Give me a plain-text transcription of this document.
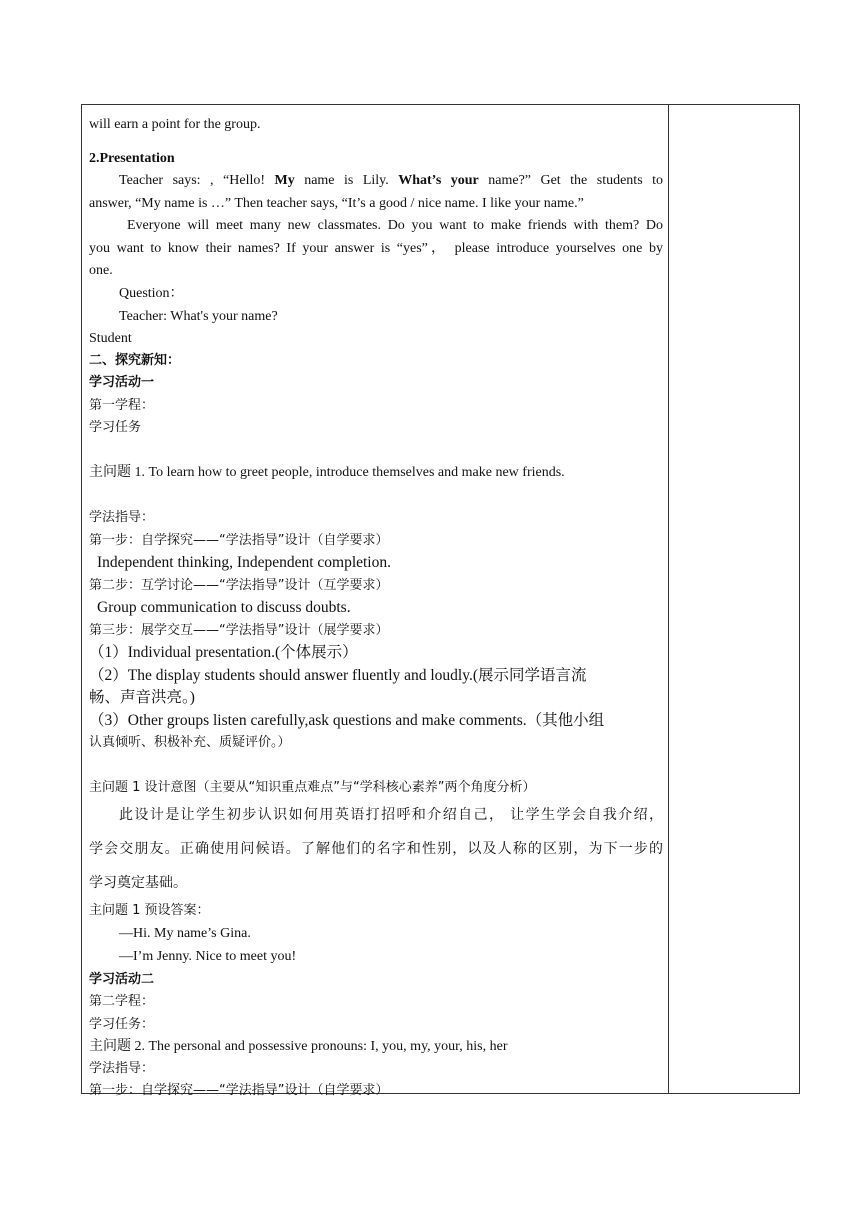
will earn a point for the group.
2.Presentation
Teacher says: , “Hello! My name is Lily. What’s your name?” Get the students to
answer, “My name is …” Then teacher says, “It’s a good / nice name. I like your name.”
Everyone will meet many new classmates. Do you want to make friends with them? Do
you want to know their names? If your answer is “yes”， please introduce yourselves one by
one.
Question：
Teacher: What's your name?
Student
二、探究新知：
学习活动一
第一学程：
学习任务
主问题 1. To learn how to greet people, introduce themselves and make new friends.
学法指导：
第一步：自学探究——“学法指导”设计（自学要求）
Independent thinking, Independent completion.
第二步：互学讨论——“学法指导”设计（互学要求）
Group communication to discuss doubts.
第三步：展学交互——“学法指导”设计（展学要求）
（1）Individual presentation.(个体展示）
（2）The display students should answer fluently and loudly.(展示同学语言流
畅、声音洪亮。)
（3）Other groups listen carefully,ask questions and make comments.（其他小组
认真倾听、积极补充、质疑评价。）
主问题 1 设计意图（主要从“知识重点难点”与“学科核心素养”两个角度分析）
此设计是让学生初步认识如何用英语打招呼和介绍自己， 让学生学会自我介绍，
学会交朋友。正确使用问候语。了解他们的名字和性别，以及人称的区别，为下一步的
学习奠定基础。
主问题 1 预设答案：
—Hi. My name’s Gina.
—I’m Jenny. Nice to meet you!
学习活动二
第二学程：
学习任务：
主问题 2. The personal and possessive pronouns: I, you, my, your, his, her
学法指导：
第一步：自学探究——“学法指导”设计（自学要求）
